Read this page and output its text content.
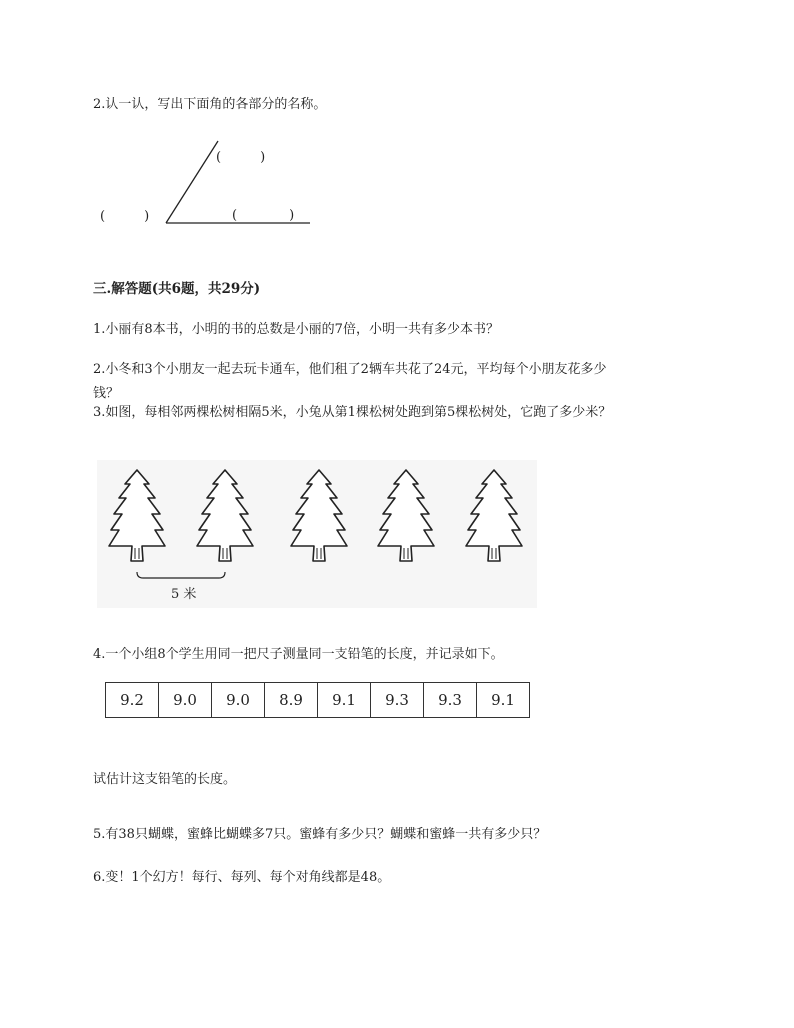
2.认一认，写出下面角的各部分的名称。
(　　　)
(　　　)	(　　　　)
三.解答题(共6题，共29分)
1.小丽有8本书，小明的书的总数是小丽的7倍，小明一共有多少本书？
2.小冬和3个小朋友一起去玩卡通车，他们租了2辆车共花了24元，平均每个小朋友花多少
钱？
3.如图，每相邻两棵松树相隔5米，小兔从第1棵松树处跑到第5棵松树处，它跑了多少米？
5 米
4.一个小组8个学生用同一把尺子测量同一支铅笔的长度，并记录如下。
9.2	9.0	9.0	8.9	9.1	9.3	9.3	9.1
试估计这支铅笔的长度。
5.有38只蝴蝶，蜜蜂比蝴蝶多7只。蜜蜂有多少只？蝴蝶和蜜蜂一共有多少只？
6.变！1个幻方！每行、每列、每个对角线都是48。
